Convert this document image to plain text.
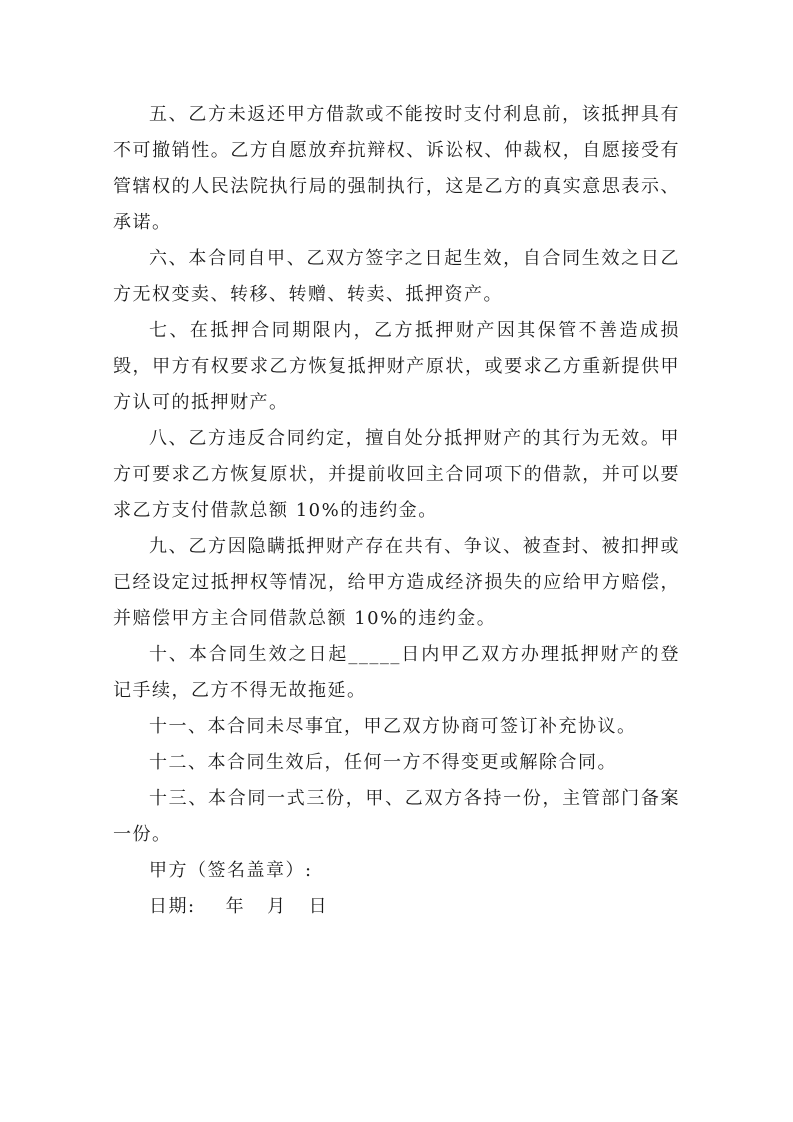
五、乙方未返还甲方借款或不能按时支付利息前，该抵押具有不可撤销性。乙方自愿放弃抗辩权、诉讼权、仲裁权，自愿接受有管辖权的人民法院执行局的强制执行，这是乙方的真实意思表示、承诺。

六、本合同自甲、乙双方签字之日起生效，自合同生效之日乙方无权变卖、转移、转赠、转卖、抵押资产。

七、在抵押合同期限内，乙方抵押财产因其保管不善造成损毁，甲方有权要求乙方恢复抵押财产原状，或要求乙方重新提供甲方认可的抵押财产。

八、乙方违反合同约定，擅自处分抵押财产的其行为无效。甲方可要求乙方恢复原状，并提前收回主合同项下的借款，并可以要求乙方支付借款总额 10%的违约金。

九、乙方因隐瞒抵押财产存在共有、争议、被查封、被扣押或已经设定过抵押权等情况，给甲方造成经济损失的应给甲方赔偿，并赔偿甲方主合同借款总额 10%的违约金。

十、本合同生效之日起_____日内甲乙双方办理抵押财产的登记手续，乙方不得无故拖延。

十一、本合同未尽事宜，甲乙双方协商可签订补充协议。

十二、本合同生效后，任何一方不得变更或解除合同。

十三、本合同一式三份，甲、乙双方各持一份，主管部门备案一份。

甲方（签名盖章）:

日期: 年 月 日
